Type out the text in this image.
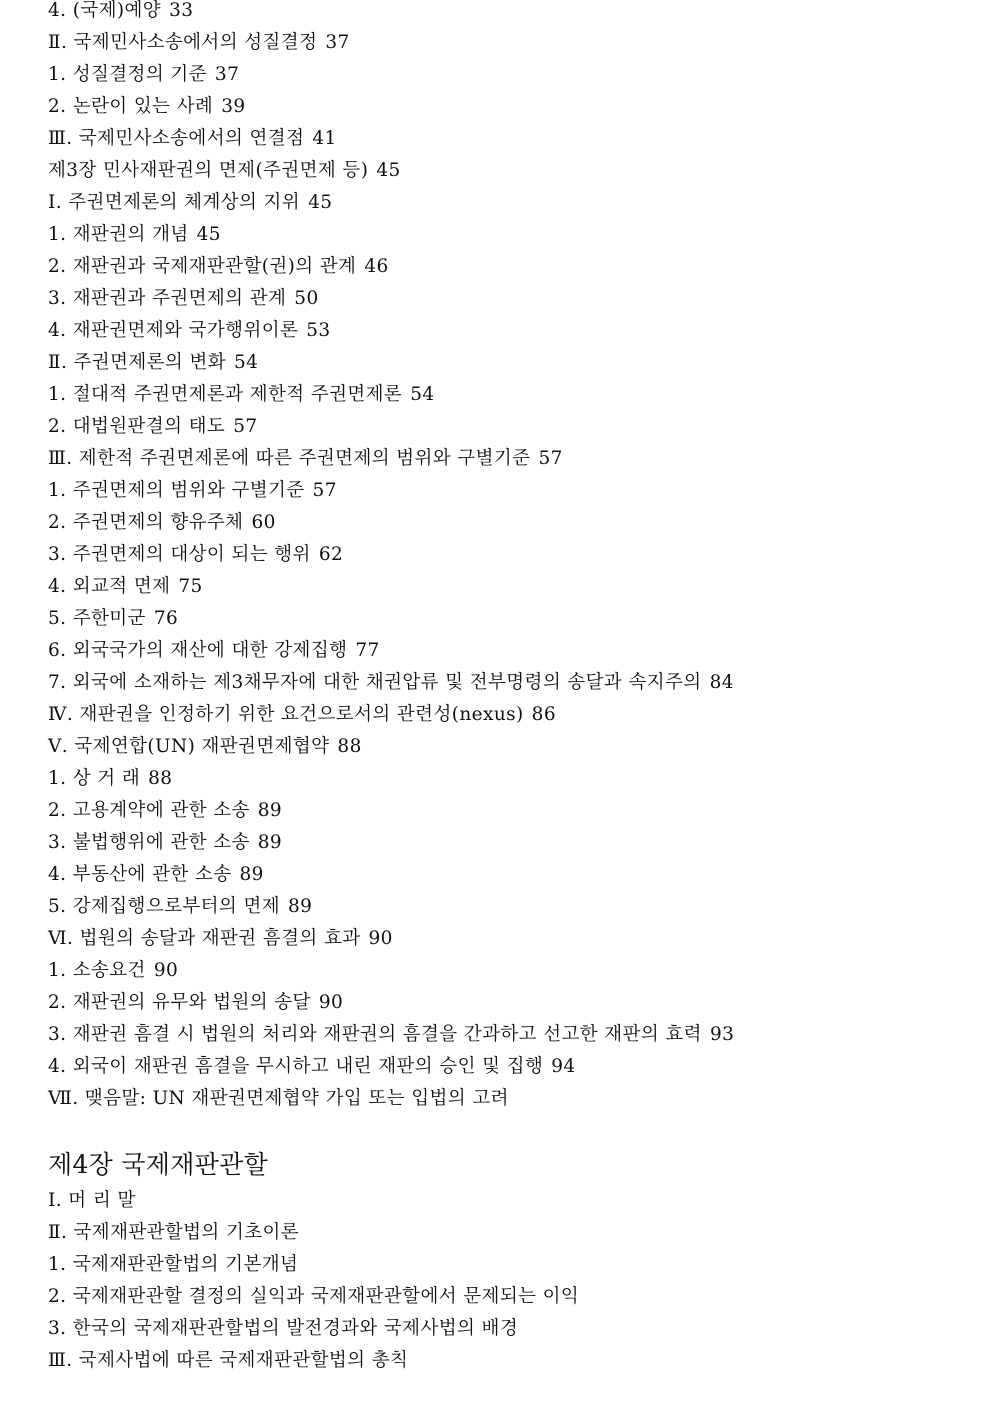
4. (국제)예양 33
Ⅱ. 국제민사소송에서의 성질결정 37
1. 성질결정의 기준 37
2. 논란이 있는 사례 39
Ⅲ. 국제민사소송에서의 연결점 41
제3장 민사재판권의 면제(주권면제 등) 45
Ⅰ. 주권면제론의 체계상의 지위 45
1. 재판권의 개념 45
2. 재판권과 국제재판관할(권)의 관계 46
3. 재판권과 주권면제의 관계 50
4. 재판권면제와 국가행위이론 53
Ⅱ. 주권면제론의 변화 54
1. 절대적 주권면제론과 제한적 주권면제론 54
2. 대법원판결의 태도 57
Ⅲ. 제한적 주권면제론에 따른 주권면제의 범위와 구별기준 57
1. 주권면제의 범위와 구별기준 57
2. 주권면제의 향유주체 60
3. 주권면제의 대상이 되는 행위 62
4. 외교적 면제 75
5. 주한미군 76
6. 외국국가의 재산에 대한 강제집행 77
7. 외국에 소재하는 제3채무자에 대한 채권압류 및 전부명령의 송달과 속지주의 84
Ⅳ. 재판권을 인정하기 위한 요건으로서의 관련성(nexus) 86
Ⅴ. 국제연합(UN) 재판권면제협약 88
1. 상 거 래 88
2. 고용계약에 관한 소송 89
3. 불법행위에 관한 소송 89
4. 부동산에 관한 소송 89
5. 강제집행으로부터의 면제 89
Ⅵ. 법원의 송달과 재판권 흠결의 효과 90
1. 소송요건 90
2. 재판권의 유무와 법원의 송달 90
3. 재판권 흠결 시 법원의 처리와 재판권의 흠결을 간과하고 선고한 재판의 효력 93
4. 외국이 재판권 흠결을 무시하고 내린 재판의 승인 및 집행 94
Ⅶ. 맺음말: UN 재판권면제협약 가입 또는 입법의 고려
제4장 국제재판관할
Ⅰ. 머 리 말
Ⅱ. 국제재판관할법의 기초이론
1. 국제재판관할법의 기본개념
2. 국제재판관할 결정의 실익과 국제재판관할에서 문제되는 이익
3. 한국의 국제재판관할법의 발전경과와 국제사법의 배경
Ⅲ. 국제사법에 따른 국제재판관할법의 총칙
